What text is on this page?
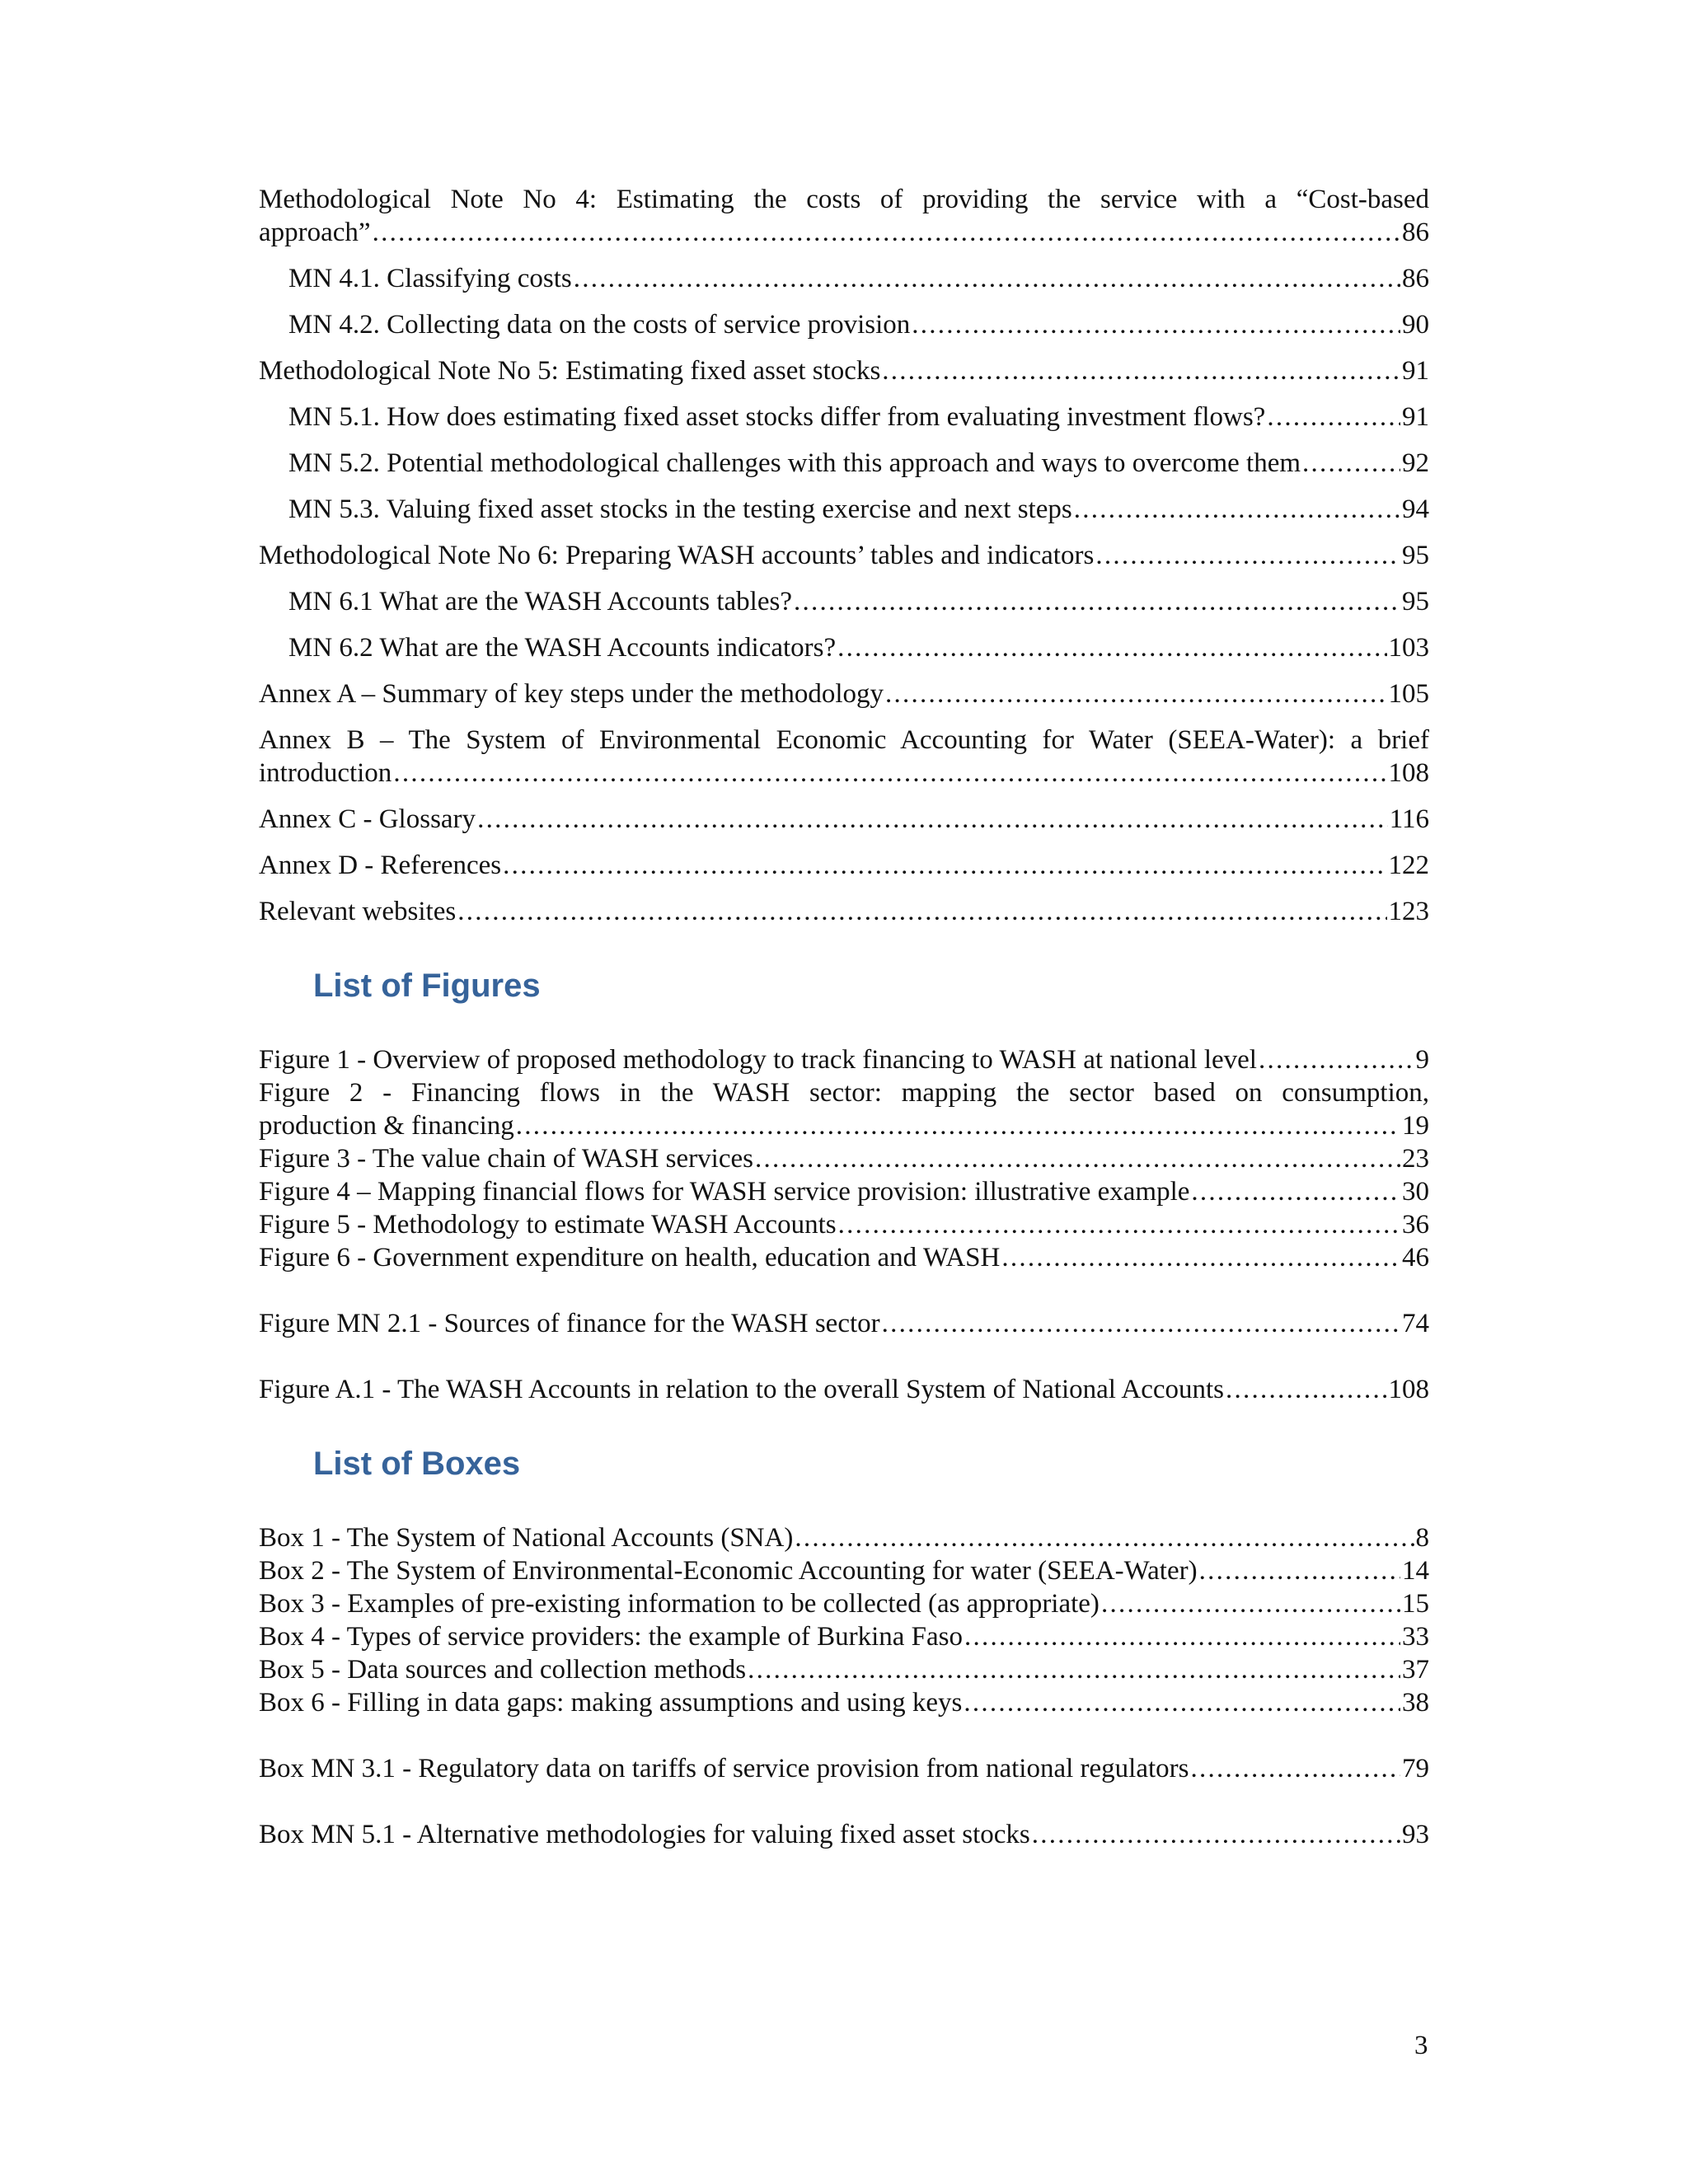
Methodological Note No 4: Estimating the costs of providing the service with a “Cost-based
approach” . . .	86
MN 4.1. Classifying costs . . .	86
MN 4.2. Collecting data on the costs of service provision . . .	90
Methodological Note No 5: Estimating fixed asset stocks . . .	91
MN 5.1. How does estimating fixed asset stocks differ from evaluating investment flows? . . .	91
MN 5.2. Potential methodological challenges with this approach and ways to overcome them . . .	92
MN 5.3. Valuing fixed asset stocks in the testing exercise and next steps . . .	94
Methodological Note No 6: Preparing WASH accounts’ tables and indicators . . .	95
MN 6.1 What are the WASH Accounts tables? . . .	95
MN 6.2 What are the WASH Accounts indicators? . . .	103
Annex A – Summary of key steps under the methodology . . .	105
Annex B – The System of Environmental Economic Accounting for Water (SEEA-Water): a brief
introduction . . .	108
Annex C - Glossary . . .	116
Annex D - References . . .	122
Relevant websites . . .	123
List of Figures
Figure 1 - Overview of proposed methodology to track financing to WASH at national level . . .	9
Figure 2 - Financing flows in the WASH sector: mapping the sector based on consumption,
production & financing . . .	19
Figure 3 - The value chain of WASH services . . .	23
Figure 4 – Mapping financial flows for WASH service provision: illustrative example . . .	30
Figure 5 - Methodology to estimate WASH Accounts . . .	36
Figure 6 - Government expenditure on health, education and WASH . . .	46
Figure MN 2.1 - Sources of finance for the WASH sector . . .	74
Figure A.1 - The WASH Accounts in relation to the overall System of National Accounts . . .	108
List of Boxes
Box 1 - The System of National Accounts (SNA) . . .	8
Box 2 - The System of Environmental-Economic Accounting for water (SEEA-Water) . . .	14
Box 3 - Examples of pre-existing information to be collected (as appropriate) . . .	15
Box 4 - Types of service providers: the example of Burkina Faso . . .	33
Box 5 - Data sources and collection methods . . .	37
Box 6 - Filling in data gaps: making assumptions and using keys . . .	38
Box MN 3.1 - Regulatory data on tariffs of service provision from national regulators . . .	79
Box MN 5.1 - Alternative methodologies for valuing fixed asset stocks . . .	93
3
